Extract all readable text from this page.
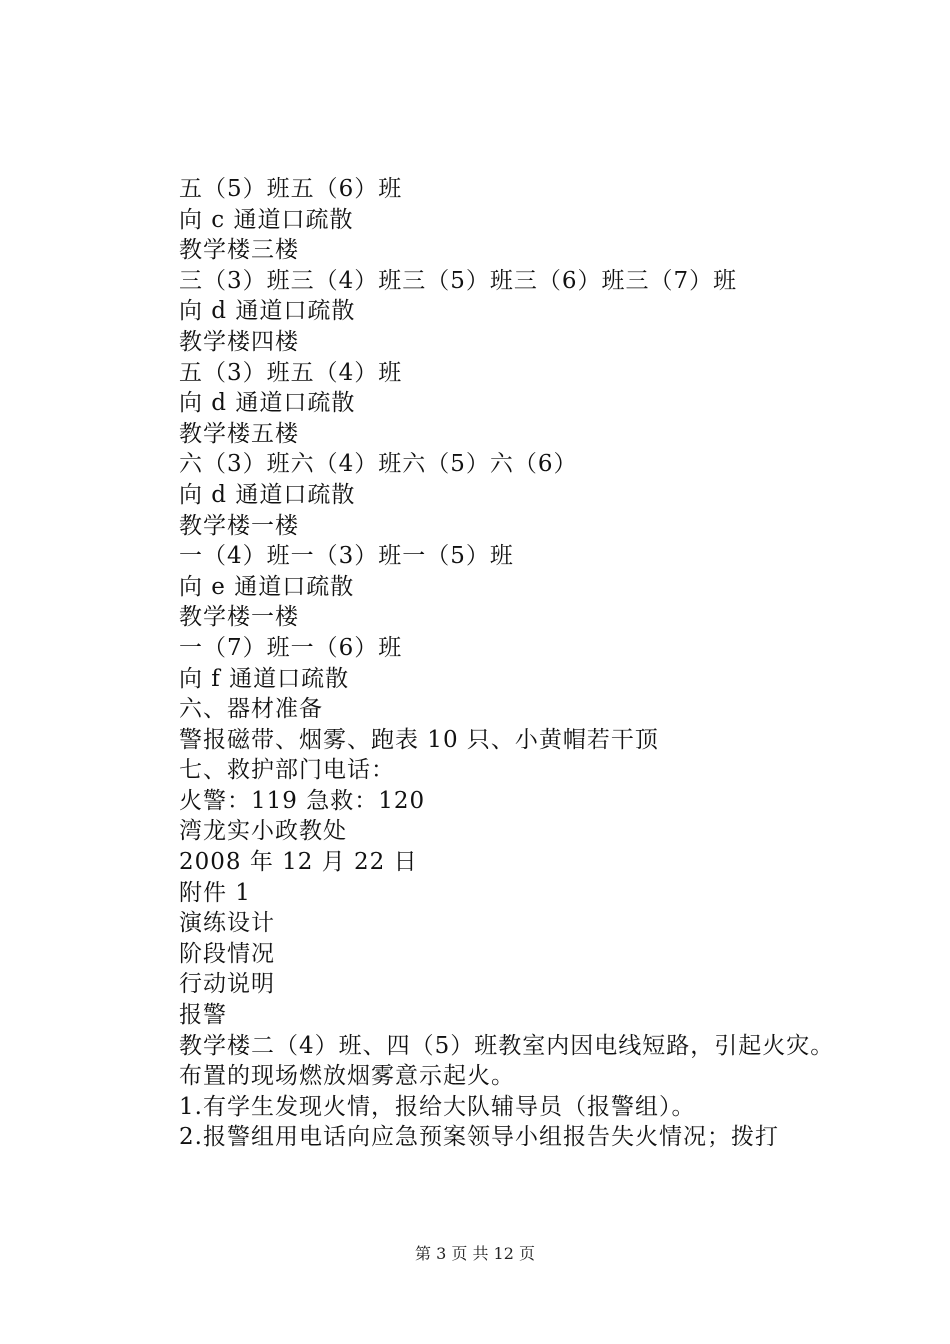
五（5）班五（6）班
向 c 通道口疏散
教学楼三楼
三（3）班三（4）班三（5）班三（6）班三（7）班
向 d 通道口疏散
教学楼四楼
五（3）班五（4）班
向 d 通道口疏散
教学楼五楼
六（3）班六（4）班六（5）六（6）
向 d 通道口疏散
教学楼一楼
一（4）班一（3）班一（5）班
向 e 通道口疏散
教学楼一楼
一（7）班一（6）班
向 f 通道口疏散
六、器材准备
警报磁带、烟雾、跑表 10 只、小黄帽若干顶
七、救护部门电话：
火警：119 急救：120
湾龙实小政教处
2008 年 12 月 22 日
附件 1
演练设计
阶段情况
行动说明
报警
教学楼二（4）班、四（5）班教室内因电线短路，引起火灾。
布置的现场燃放烟雾意示起火。
1.有学生发现火情，报给大队辅导员（报警组）。
2.报警组用电话向应急预案领导小组报告失火情况；拨打
第 3 页 共 12 页
